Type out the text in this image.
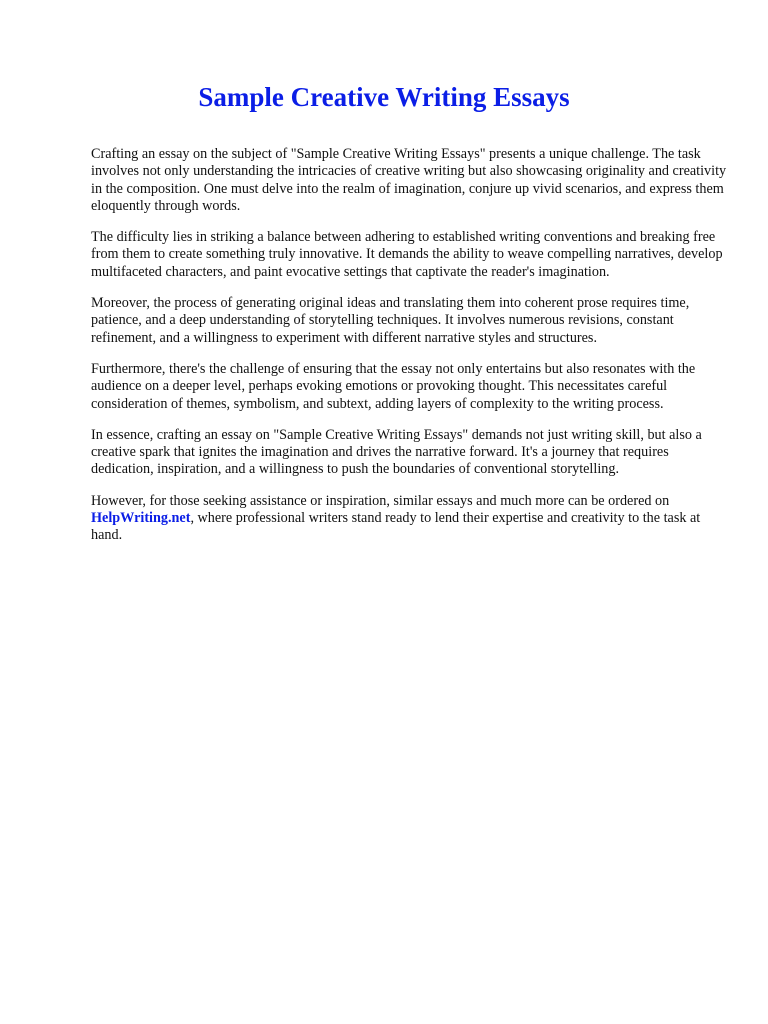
Sample Creative Writing Essays

Crafting an essay on the subject of "Sample Creative Writing Essays" presents a unique challenge. The task involves not only understanding the intricacies of creative writing but also showcasing originality and creativity in the composition. One must delve into the realm of imagination, conjure up vivid scenarios, and express them eloquently through words.

The difficulty lies in striking a balance between adhering to established writing conventions and breaking free from them to create something truly innovative. It demands the ability to weave compelling narratives, develop multifaceted characters, and paint evocative settings that captivate the reader's imagination.

Moreover, the process of generating original ideas and translating them into coherent prose requires time, patience, and a deep understanding of storytelling techniques. It involves numerous revisions, constant refinement, and a willingness to experiment with different narrative styles and structures.

Furthermore, there's the challenge of ensuring that the essay not only entertains but also resonates with the audience on a deeper level, perhaps evoking emotions or provoking thought. This necessitates careful consideration of themes, symbolism, and subtext, adding layers of complexity to the writing process.

In essence, crafting an essay on "Sample Creative Writing Essays" demands not just writing skill, but also a creative spark that ignites the imagination and drives the narrative forward. It's a journey that requires dedication, inspiration, and a willingness to push the boundaries of conventional storytelling.

However, for those seeking assistance or inspiration, similar essays and much more can be ordered on HelpWriting.net, where professional writers stand ready to lend their expertise and creativity to the task at hand.
